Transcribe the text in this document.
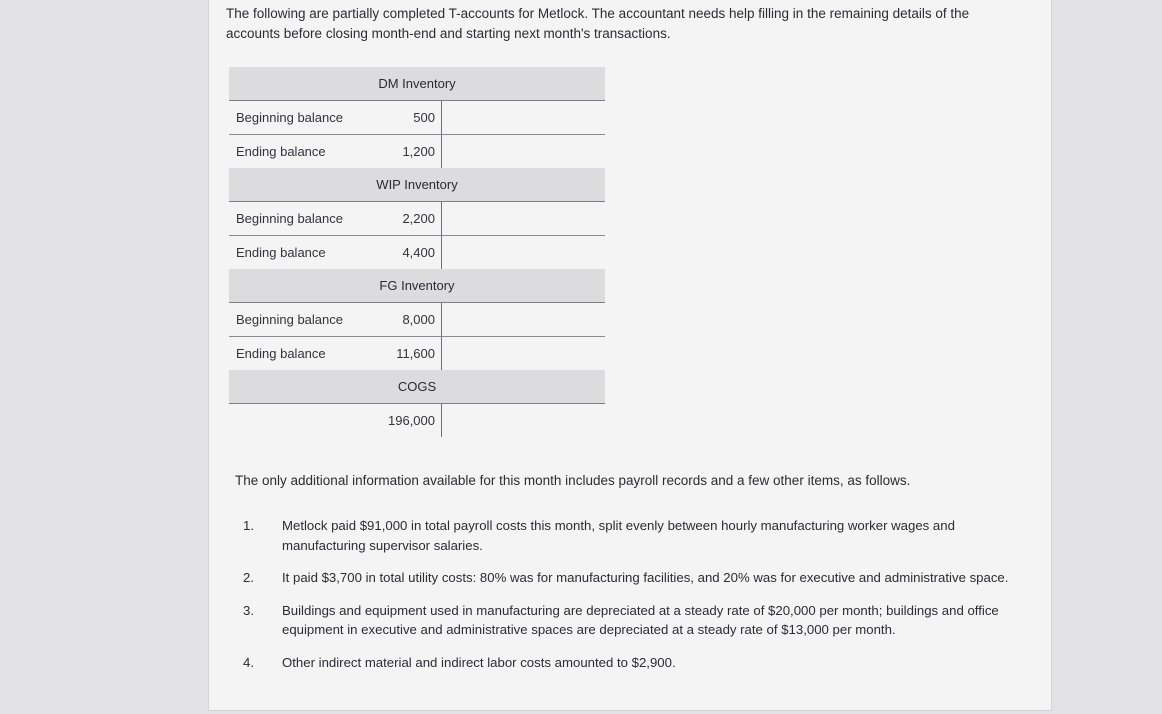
The following are partially completed T-accounts for Metlock. The accountant needs help filling in the remaining details of the accounts before closing month-end and starting next month's transactions.
DM Inventory
Beginning balance	500
Ending balance	1,200
WIP Inventory
Beginning balance	2,200
Ending balance	4,400
FG Inventory
Beginning balance	8,000
Ending balance	11,600
COGS
196,000
The only additional information available for this month includes payroll records and a few other items, as follows.
1.	Metlock paid $91,000 in total payroll costs this month, split evenly between hourly manufacturing worker wages and manufacturing supervisor salaries.
2.	It paid $3,700 in total utility costs: 80% was for manufacturing facilities, and 20% was for executive and administrative space.
3.	Buildings and equipment used in manufacturing are depreciated at a steady rate of $20,000 per month; buildings and office equipment in executive and administrative spaces are depreciated at a steady rate of $13,000 per month.
4.	Other indirect material and indirect labor costs amounted to $2,900.
